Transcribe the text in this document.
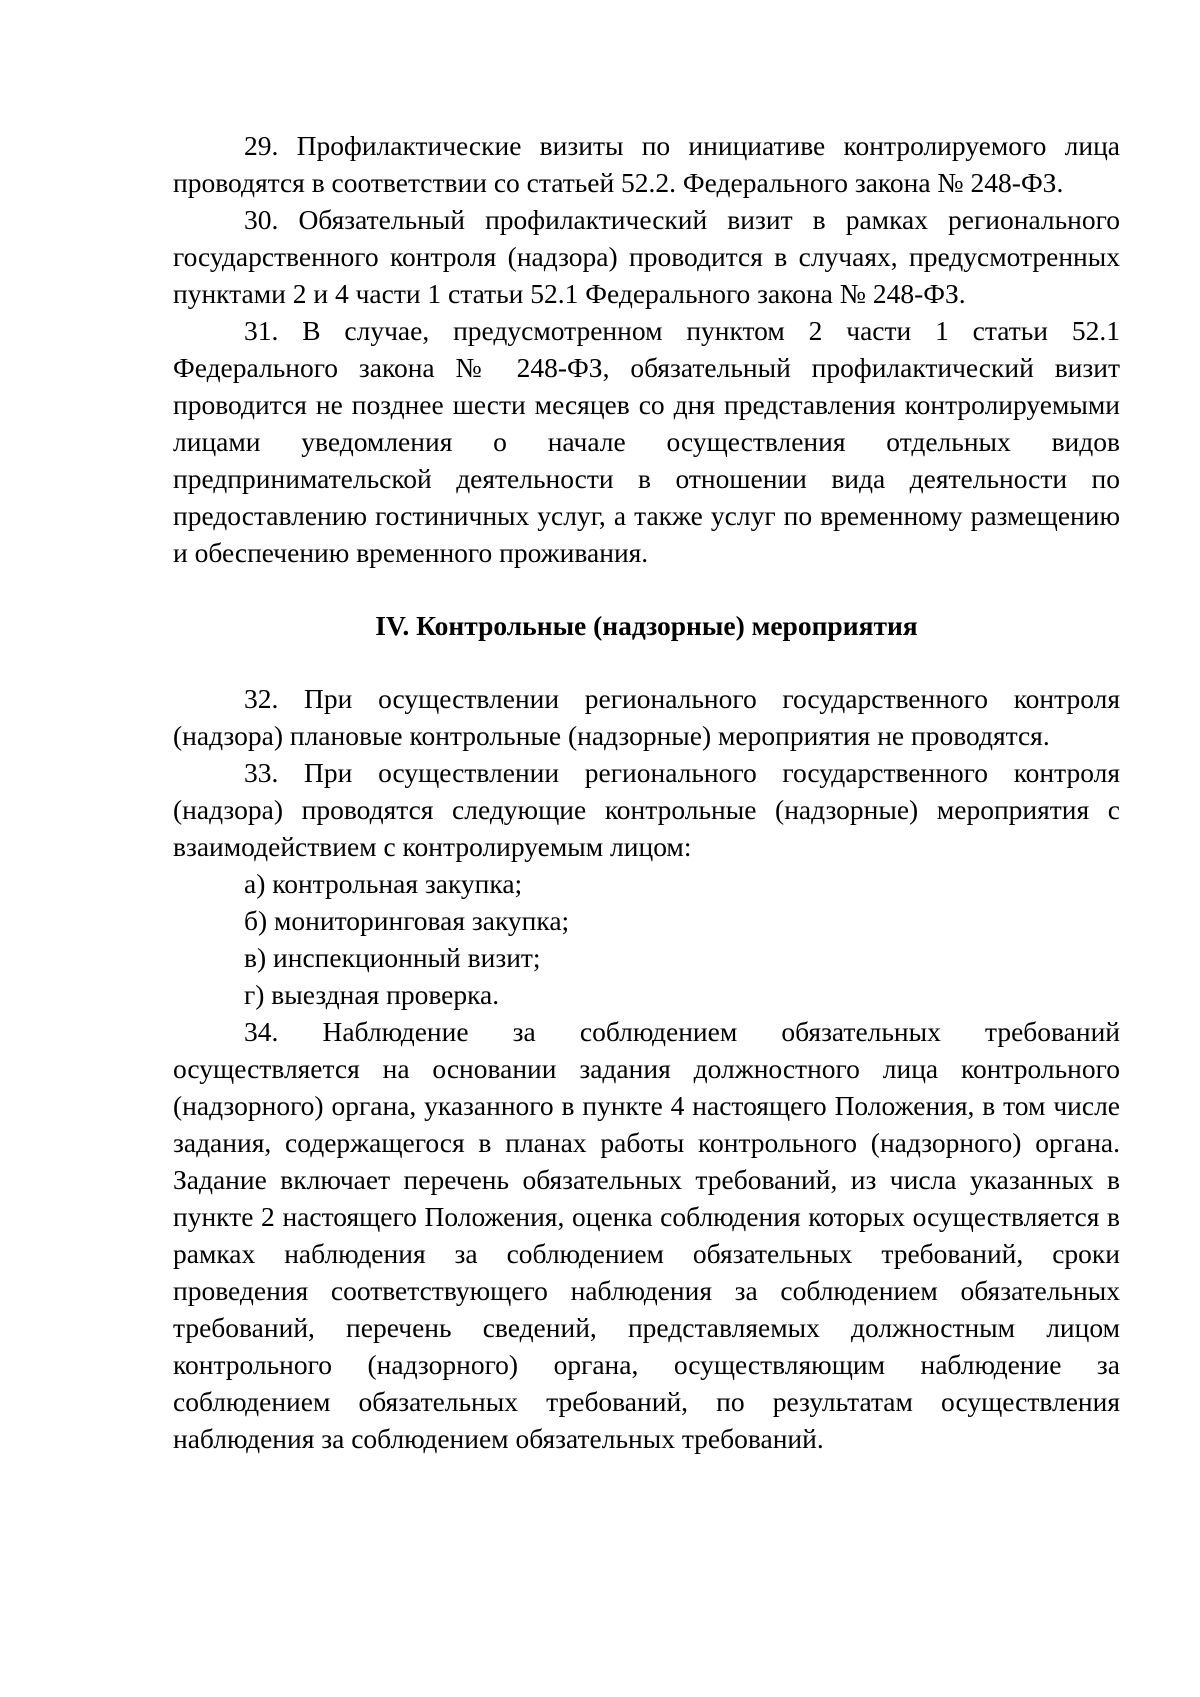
29. Профилактические визиты по инициативе контролируемого лица проводятся в соответствии со статьей 52.2. Федерального закона № 248-ФЗ.

30. Обязательный профилактический визит в рамках регионального государственного контроля (надзора) проводится в случаях, предусмотренных пунктами 2 и 4 части 1 статьи 52.1 Федерального закона № 248-ФЗ.

31. В случае, предусмотренном пунктом 2 части 1 статьи 52.1 Федерального закона № 248-ФЗ, обязательный профилактический визит проводится не позднее шести месяцев со дня представления контролируемыми лицами уведомления о начале осуществления отдельных видов предпринимательской деятельности в отношении вида деятельности по предоставлению гостиничных услуг, а также услуг по временному размещению и обеспечению временного проживания.

IV. Контрольные (надзорные) мероприятия

32. При осуществлении регионального государственного контроля (надзора) плановые контрольные (надзорные) мероприятия не проводятся.

33. При осуществлении регионального государственного контроля (надзора) проводятся следующие контрольные (надзорные) мероприятия с взаимодействием с контролируемым лицом:

а) контрольная закупка;

б) мониторинговая закупка;

в) инспекционный визит;

г) выездная проверка.

34. Наблюдение за соблюдением обязательных требований осуществляется на основании задания должностного лица контрольного (надзорного) органа, указанного в пункте 4 настоящего Положения, в том числе задания, содержащегося в планах работы контрольного (надзорного) органа. Задание включает перечень обязательных требований, из числа указанных в пункте 2 настоящего Положения, оценка соблюдения которых осуществляется в рамках наблюдения за соблюдением обязательных требований, сроки проведения соответствующего наблюдения за соблюдением обязательных требований, перечень сведений, представляемых должностным лицом контрольного (надзорного) органа, осуществляющим наблюдение за соблюдением обязательных требований, по результатам осуществления наблюдения за соблюдением обязательных требований.
